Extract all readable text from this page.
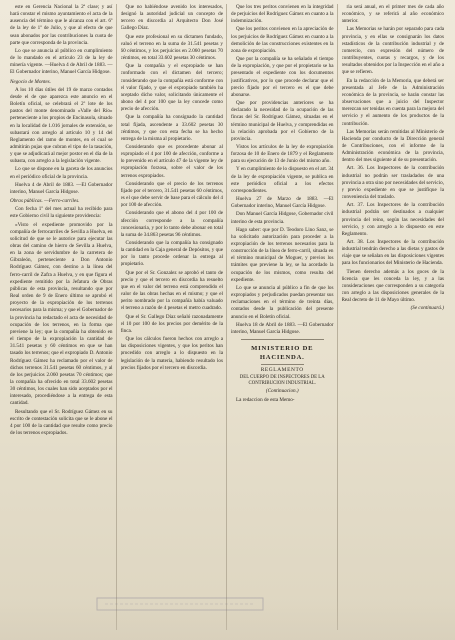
este en Gerencia Nacional la 2ª clase; y así hará constar el mismo ayuntamiento el acta de la ausencia del término que le alcanza con el art. 6º de la ley de 1º de Julio, y que al efecto de que sean abonados por las contribuciones la cuota de parte que corresponda de la provincia.

Lo que se anuncia al público en cumplimiento de lo mandado en el artículo 23 de la ley de minería vigente. —Huelva 4 de Abril de 1883. —El Gobernador interino, Manuel García Hidgose.

Negocio de Montes.

A los 10 días útiles del 19 de marzo contados desde el de que aparezca este anuncio en el Boletín oficial, se celebrará el 2º lote de los pastos del monte denominado «Valle del Río» perteneciente a los propios de Encinasola, situado en la localidad de 1.016 jornales de extensión, se subastará con arreglo al artículo 10 y 14 del Reglamento del ramo de montes, en el cual se admitirán pujas que cubran el tipo de la tasación, y que se adjudicará al mejor postor en el día de la subasta, con arreglo a la legislación vigente.

Lo que se dispone en la gaceta de los anuncios en el periódico oficial de la provincia.

Huelva 4 de Abril de 1883. —El Gobernador interino, Manuel García Hidgose.

Obras públicas. —Ferro-carriles.

Con fecha 1º del mes actual ha recibido para este Gobierno civil la siguiente providencia:

«Visto el expediente promovido por la compañía de ferrocarriles de Sevilla a Huelva, en solicitud de que se le autorice para ejecutar las obras del camino de hierro de Sevilla a Huelva, en la zona de servidumbre de la carretera de Gibraleón, perteneciente a Don Antonio Rodríguez Gámez, con destino a la línea del ferro-carril de Zafra a Huelva, y en que figura el expediente remitido por la Jefatura de Obras públicas de esta provincia, resultando que por Real orden de 9 de Enero último se aprobó el proyecto de la expropiación de los terrenos necesarios para la misma; y que el Gobernador de la provincia ha redactado el acta de necesidad de ocupación de los terrenos, en la forma que previene la ley; que la compañía ha obtenido en el tiempo de la expropiación la cantidad de 31.541 pesetas y 60 céntimos en que se han tasado los terrenos; que el expropiado D. Antonio Rodríguez Gámez ha reclamado por el valor de dichos terrenos 31.541 pesetas 60 céntimos, y al de los perjuicios 2.060 pesetas 70 céntimos; que la compañía ha ofrecido en total 33.602 pesetas 30 céntimos, los cuales han sido aceptados por el interesado, procediéndose a la entrega de esta cantidad.

Resultando que el Sr. Rodríguez Gámez en su escrito de contestación solicita que se le abone el 4 por 100 de la cantidad que resulte como precio de los terrenos expropiados.

Que no habiéndose avenido los interesados, designó la autoridad judicial un concepto de tercero en discordia al Arquitecto Don José Gallego Díaz.

Que este profesional en su dictamen fundado, valuó el terreno en la suma de 31.541 pesetas y 60 céntimos, y los perjuicios en 2.060 pesetas 70 céntimos, en total 33.602 pesetas 30 céntimos.

Que la compañía y el expropiado se han conformado con el dictamen del tercero; considerando que la compañía está conforme con el valor fijado, y que el expropiado también ha aceptado dicho valor, solicitando únicamente el abono del 4 por 100 que la ley concede como precio de afección.

Que la compañía ha consignado la cantidad total fijada, ascendente a 33.602 pesetas 30 céntimos, y que con esta fecha se ha hecho entrega de la misma al propietario.

Considerando que es procedente abonar al expropiado el 4 por 100 de afección, conforme a lo prevenido en el artículo 47 de la vigente ley de expropiación forzosa, sobre el valor de los terrenos expropiados.

Considerando que el precio de los terrenos fijado por el tercero, 31.541 pesetas 60 céntimos, es el que debe servir de base para el cálculo del 4 por 100 de afección.

Considerando que el abono del 4 por 100 de afección corresponde a la compañía concesionaria, y por lo tanto debe abonar en total la suma de 34.863 pesetas 96 céntimos.

Considerando que la compañía ha consignado la cantidad en la Caja general de Depósitos, y que por lo tanto procede ordenar la entrega al propietario.

Que por el Sr. Gonzalez se aprobó el tanto de precio y que el tercero en discordia ha resuelto que en el valor del terreno está comprendido el valor de las obras hechas en el mismo; y que el perito nombrado por la compañía había valuado el terreno a razón de 4 pesetas el metro cuadrado.

Que el Sr. Gallego Díaz señaló razonadamente el 10 por 100 de los precios por demérito de la finca.

Que los cálculos fueron hechos con arreglo a las disposiciones vigentes, y que los peritos han procedido con arreglo a lo dispuesto en la legislación de la materia, habiendo resultado los precios fijados por el tercero en discordia.

Que los tres peritos convienen en la integridad de perjuicios del Rodríguez Gámez en cuanto a la indemnización.

Que los peritos convienen en la apreciación de los perjuicios de Rodríguez Gámez en cuanto a la demolición de las construcciones existentes en la zona de expropiación.

Que por la compañía se ha señalado el tiempo de la expropiación, y que por el propietario se ha presentado el expediente con los documentos justificativos, por lo que procede declarar que el precio fijado por el tercero es el que debe abonarse.

Que por providencias anteriores se ha declarado la necesidad de la ocupación de las fincas del Sr. Rodríguez Gámez, situadas en el término municipal de Huelva, y comprendidas en la relación aprobada por el Gobierno de la provincia.

Vistos los artículos de la ley de expropiación forzosa de 10 de Enero de 1879 y el Reglamento para su ejecución de 13 de Junio del mismo año.

Y en cumplimiento de lo dispuesto en el art. 34 de la ley de expropiación vigente, se publica en este periódico oficial a los efectos correspondientes.

Huelva 27 de Marzo de 1883. —El Gobernador interino, Manuel García Hidgose.

Don Manuel García Hidgose, Gobernador civil interino de esta provincia.

Hago saber: que por D. Teodoro Lino Sanz, se ha solicitado autorización para proceder a la expropiación de los terrenos necesarios para la construcción de la línea de ferro-carril, situada en el término municipal de Moguer, y previos los trámites que previene la ley, se ha acordado la ocupación de los mismos, como resulta del expediente.

Lo que se anuncia al público a fin de que los expropiados y perjudicados puedan presentar sus reclamaciones en el término de treinta días, contados desde la publicación del presente anuncio en el Boletín oficial.

Huelva 18 de Abril de 1883. —El Gobernador interino, Manuel García Hidgose.

MINISTERIO DE HACIENDA.

REGLAMENTO

DEL CUERPO DE INSPECTORES DE LA CONTRIBUCION INDUSTRIAL.

(Continuacion.)

La redaccion de esta Memo-

ria será anual, en el primer mes de cada año económico, y se referirá al año económico anterior.

Las Memorias se harán por separado para cada provincia, y en ellas se consignarán los datos estadísticos de la contribución industrial y de comercio, con expresión del número de contribuyentes, cuotas y recargos, y de los resultados obtenidos por la Inspección en el año a que se refieren.

En la redacción de la Memoria, que deberá ser presentada al Jefe de la Administración económica de la provincia, se harán constar las observaciones que a juicio del Inspector merezcan ser tenidas en cuenta para la mejora del servicio y el aumento de los productos de la contribución.

Las Memorias serán remitidas al Ministerio de Hacienda por conducto de la Dirección general de Contribuciones, con el informe de la Administración económica de la provincia, dentro del mes siguiente al de su presentación.

Art. 36. Los Inspectores de la contribución industrial no podrán ser trasladados de una provincia a otra sino por necesidades del servicio, y previo expediente en que se justifique la conveniencia del traslado.

Art. 37. Los Inspectores de la contribución industrial podrán ser destinados a cualquier provincia del reino, según las necesidades del servicio, y con arreglo a lo dispuesto en este Reglamento.

Art. 38. Los Inspectores de la contribución industrial tendrán derecho a las dietas y gastos de viaje que se señalan en las disposiciones vigentes para los funcionarios del Ministerio de Hacienda.

Tienen derecho además a los goces de la licencia que les conceda la ley, y a las consideraciones que corresponden a su categoría con arreglo a las disposiciones generales de la Real decreto de 11 de Mayo último.

(Se continuará.)
